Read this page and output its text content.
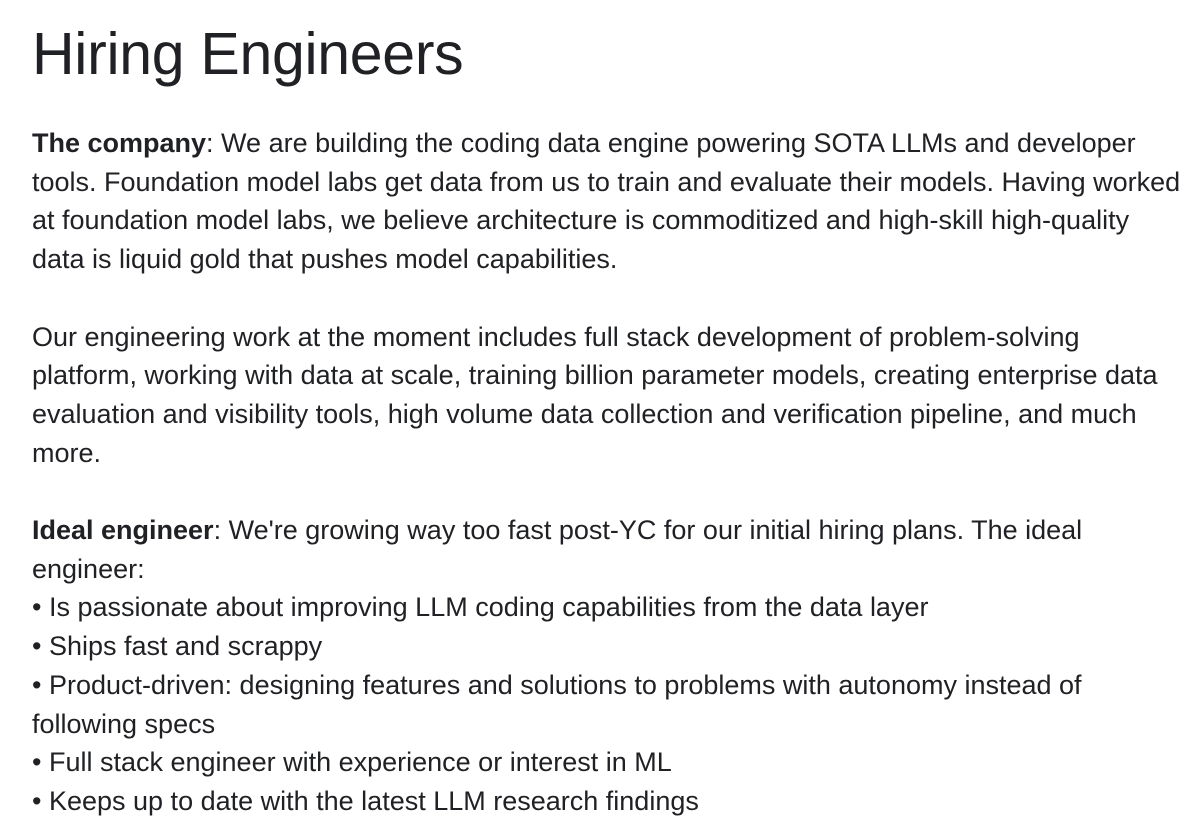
Hiring Engineers

The company: We are building the coding data engine powering SOTA LLMs and developer tools. Foundation model labs get data from us to train and evaluate their models. Having worked at foundation model labs, we believe architecture is commoditized and high-skill high-quality data is liquid gold that pushes model capabilities.

Our engineering work at the moment includes full stack development of problem-solving platform, working with data at scale, training billion parameter models, creating enterprise data evaluation and visibility tools, high volume data collection and verification pipeline, and much more.

Ideal engineer: We're growing way too fast post-YC for our initial hiring plans. The ideal engineer:

• Is passionate about improving LLM coding capabilities from the data layer
• Ships fast and scrappy
• Product-driven: designing features and solutions to problems with autonomy instead of following specs
• Full stack engineer with experience or interest in ML
• Keeps up to date with the latest LLM research findings
